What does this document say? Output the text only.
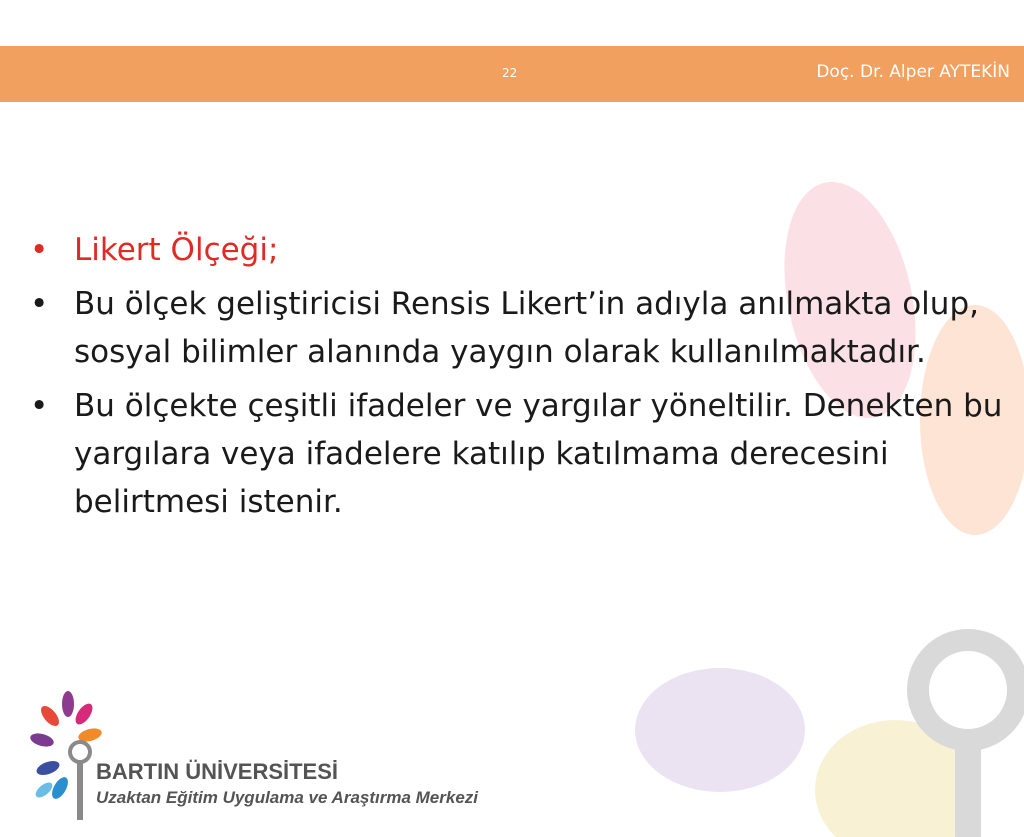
22	Doç. Dr. Alper AYTEKİN
• Likert Ölçeği;
• Bu ölçek geliştiricisi Rensis Likert’in adıyla anılmakta olup, sosyal bilimler alanında yaygın olarak kullanılmaktadır.
• Bu ölçekte çeşitli ifadeler ve yargılar yöneltilir. Denekten bu yargılara veya ifadelere katılıp katılmama derecesini belirtmesi istenir.
BARTIN ÜNİVERSİTESİ
Uzaktan Eğitim Uygulama ve Araştırma Merkezi
